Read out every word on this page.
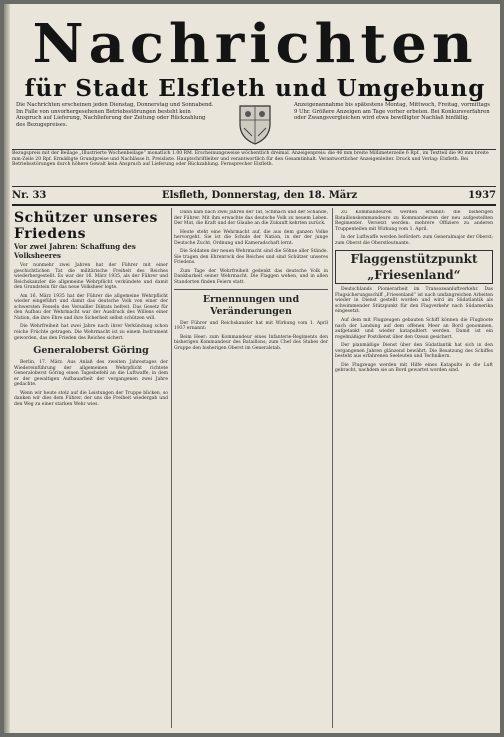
Nachrichten
für Stadt Elsfleth und Umgebung
Die Nachrichten erscheinen jeden Dienstag, Donnerstag und Sonnabend. Im Falle von unvorhergesehenen Betriebsstörungen besteht kein Anspruch auf Lieferung, Nachlieferung der Zeitung oder Rückzahlung des Bezugspreises.
Anzeigenannahme bis spätestens Montag, Mittwoch, Freitag, vormittags 9 Uhr. Größere Anzeigen am Tage vorher erbeten. Bei Konkursverfahren oder Zwangsvergleichen wird etwa bewilligter Nachlaß hinfällig.
Bezugspreis mit der Beilage „Illustrierte Wochenbeilage“ monatlich 1.00 RM. Erscheinungsweise wöchentlich dreimal. Anzeigenpreis: die 46 mm breite Millimeterzeile 6 Rpf., im Textteil die 90 mm breite mm-Zeile 20 Rpf. Ermäßigte Grundpreise und Nachlässe lt. Preisliste. Hauptschriftleiter und verantwortlich für den Gesamtinhalt. Verantwortlicher Anzeigenleiter. Druck und Verlag: Elsfleth. Bei Betriebsstörungen durch höhere Gewalt kein Anspruch auf Lieferung oder Rückzahlung. Fernsprecher Elsfleth.
Nr. 33	Elsfleth, Donnerstag, den 18. März	1937
Schützer unseres Friedens
Vor zwei Jahren: Schaffung des Volksheeres

Vor nunmehr zwei Jahren hat der Führer mit einer geschichtlichen Tat die militärische Freiheit des Reiches wiederhergestellt. Es war der 16. März 1935, als der Führer und Reichskanzler die allgemeine Wehrpflicht verkündete und damit den Grundstein für das neue Volksheer legte.

Am 16. März 1935 hat der Führer die allgemeine Wehrpflicht wieder eingeführt und damit das deutsche Volk von einer der schwersten Fesseln des Versailler Diktats befreit. Das Gesetz für den Aufbau der Wehrmacht war der Ausdruck des Willens einer Nation, die ihre Ehre und ihre Sicherheit selbst schützen will.

Die Wehrfreiheit hat zwei Jahre nach ihrer Verkündung schon reiche Früchte getragen. Die Wehrmacht ist zu einem Instrument geworden, das den Frieden des Reiches sichert.

Generaloberst Göring

Berlin, 17. März. Aus Anlaß des zweiten Jahrestages der Wiedereinführung der allgemeinen Wehrpflicht richtete Generaloberst Göring einen Tagesbefehl an die Luftwaffe, in dem er der gewaltigen Aufbauarbeit der vergangenen zwei Jahre gedachte.

Wenn wir heute stolz auf die Leistungen der Truppe blicken, so danken wir dies dem Führer, der uns die Freiheit wiedergab und den Weg zu einer starken Wehr wies.

Dann kam nach zwei Jahren der Tat, Schmach und der Schande, der Führer. Mit ihm erwachte das deutsche Volk zu neuem Leben. Der Mut, die Kraft und der Glaube an die Zukunft kehrten zurück.

Heute steht eine Wehrmacht auf, die aus dem ganzen Volke hervorgeht. Sie ist die Schule der Nation, in der der junge Deutsche Zucht, Ordnung und Kameradschaft lernt.

Die Soldaten der neuen Wehrmacht sind die Söhne aller Stände. Sie tragen den Ehrenrock des Reiches und sind Schützer unseres Friedens.

Zum Tage der Wehrfreiheit gedenkt das deutsche Volk in Dankbarkeit seiner Wehrmacht. Die Flaggen wehen, und in allen Standorten finden Feiern statt.

Ernennungen und Veränderungen

Der Führer und Reichskanzler hat mit Wirkung vom 1. April 1937 ernannt:

Beim Heer: zum Kommandeur eines Infanterie-Regiments den bisherigen Kommandeur des Bataillons; zum Chef des Stabes der Gruppe den bisherigen Oberst im Generalstab.

Zu Kommandeuren werden ernannt: die bisherigen Bataillonskommandeure zu Kommandeuren der neu aufgestellten Regimenter. Versetzt werden: mehrere Offiziere zu anderen Truppenteilen mit Wirkung vom 1. April.

In der Luftwaffe werden befördert: zum Generalmajor der Oberst; zum Oberst die Oberstleutnante.

Flaggenstützpunkt „Friesenland“

Deutschlands Pionierarbeit im Transozeanluftverkehr. Das Flugsicherungsschiff „Friesenland“ ist nach umfangreichen Arbeiten wieder in Dienst gestellt worden und wird im Südatlantik als schwimmender Stützpunkt für den Flugverkehr nach Südamerika eingesetzt.

Auf dem mit Flugzeugen gebauten Schiff können die Flugboote nach der Landung auf dem offenen Meer an Bord genommen, aufgetankt und wieder katapultiert werden. Damit ist ein regelmäßiger Postdienst über den Ozean gesichert.

Der planmäßige Dienst über den Südatlantik hat sich in den vergangenen Jahren glänzend bewährt. Die Besatzung des Schiffes besteht aus erfahrenen Seeleuten und Technikern.

Die Flugzeuge werden mit Hilfe eines Katapults in die Luft gebracht, nachdem sie an Bord gewartet worden sind.
